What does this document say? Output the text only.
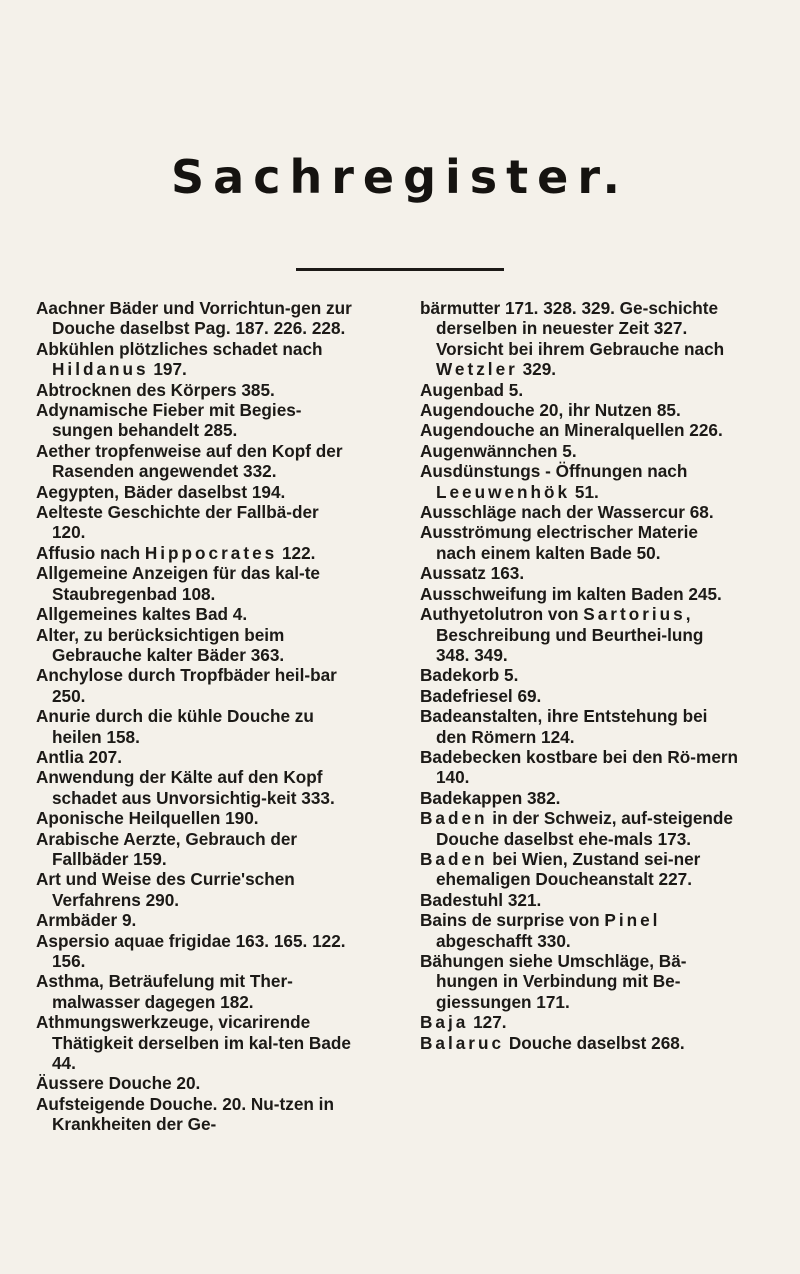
Sachregister.

Aachner Bäder und Vorrichtun-gen zur Douche daselbst Pag. 187. 226. 228.

Abkühlen plötzliches schadet nach Hildanus 197.

Abtrocknen des Körpers 385.

Adynamische Fieber mit Begies-sungen behandelt 285.

Aether tropfenweise auf den Kopf der Rasenden angewendet 332.

Aegypten, Bäder daselbst 194.

Aelteste Geschichte der Fallbä-der 120.

Affusio nach Hippocrates 122.

Allgemeine Anzeigen für das kal-te Staubregenbad 108.

Allgemeines kaltes Bad 4.

Alter, zu berücksichtigen beim Gebrauche kalter Bäder 363.

Anchylose durch Tropfbäder heil-bar 250.

Anurie durch die kühle Douche zu heilen 158.

Antlia 207.

Anwendung der Kälte auf den Kopf schadet aus Unvorsichtig-keit 333.

Aponische Heilquellen 190.

Arabische Aerzte, Gebrauch der Fallbäder 159.

Art und Weise des Currie'schen Verfahrens 290.

Armbäder 9.

Aspersio aquae frigidae 163. 165. 122. 156.

Asthma, Beträufelung mit Ther-malwasser dagegen 182.

Athmungswerkzeuge, vicarirende Thätigkeit derselben im kal-ten Bade 44.

Äussere Douche 20.

Aufsteigende Douche. 20. Nu-tzen in Krankheiten der Ge-

bärmutter 171. 328. 329. Ge-schichte derselben in neuester Zeit 327. Vorsicht bei ihrem Gebrauche nach Wetzler 329.

Augenbad 5.

Augendouche 20, ihr Nutzen 85.

Augendouche an Mineralquellen 226.

Augenwännchen 5.

Ausdünstungs - Öffnungen nach Leeuwenhök 51.

Ausschläge nach der Wassercur 68.

Ausströmung electrischer Materie nach einem kalten Bade 50.

Aussatz 163.

Ausschweifung im kalten Baden 245.

Authyetolutron von Sartorius, Beschreibung und Beurthei-lung 348. 349.

Badekorb 5.

Badefriesel 69.

Badeanstalten, ihre Entstehung bei den Römern 124.

Badebecken kostbare bei den Rö-mern 140.

Badekappen 382.

Baden in der Schweiz, auf-steigende Douche daselbst ehe-mals 173.

Baden bei Wien, Zustand sei-ner ehemaligen Doucheanstalt 227.

Badestuhl 321.

Bains de surprise von Pinel abgeschafft 330.

Bähungen siehe Umschläge, Bä-hungen in Verbindung mit Be-giessungen 171.

Baja 127.

Balaruc Douche daselbst 268.
